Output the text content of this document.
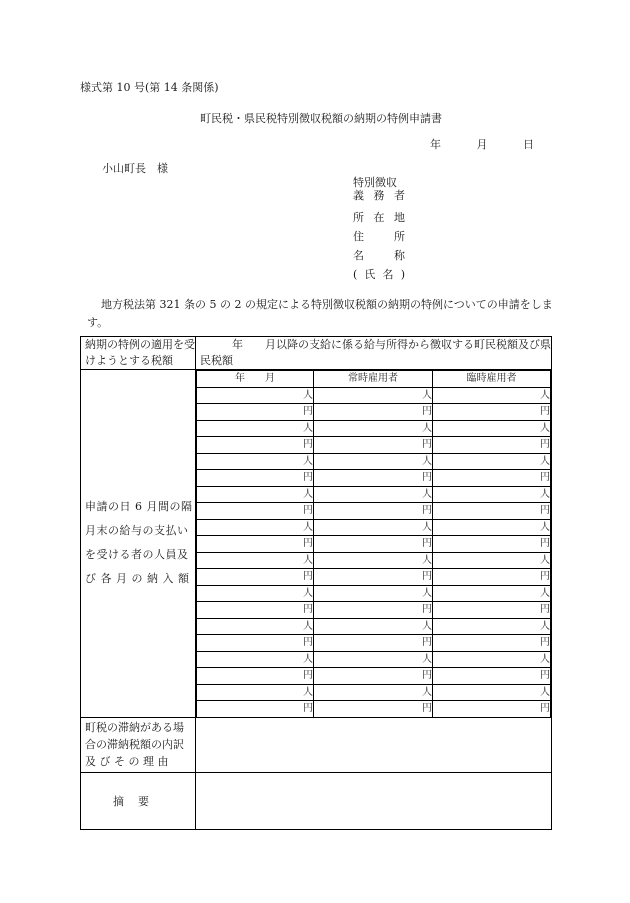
様式第 10 号(第 14 条関係)
町民税・県民税特別徴収税額の納期の特例申請書
年	月	日
小山町長　様
特別徴収
義務者
所在地
住所
名称
(氏名)
地方税法第 321 条の 5 の 2 の規定による特別徴収税額の納期の特例についての申請をします。
納期の特例の適用を受けようとする税額	年　　月以降の支給に係る給与所得から徴収する町民税額及び県民税額

申請の日 6 月間の隔
月末の給与の支払い
を受ける者の人員及
び 各 月 の 納 入 額

年　　月	常時雇用者	臨時雇用者
人	人	人
円	円	円
人	人	人
円	円	円
人	人	人
円	円	円
人	人	人
円	円	円
人	人	人
円	円	円
人	人	人
円	円	円
人	人	人
円	円	円
人	人	人
円	円	円
人	人	人
円	円	円
人	人	人
円	円	円

町税の滞納がある場
合の滞納税額の内訳
及 び そ の 理 由

摘要	
